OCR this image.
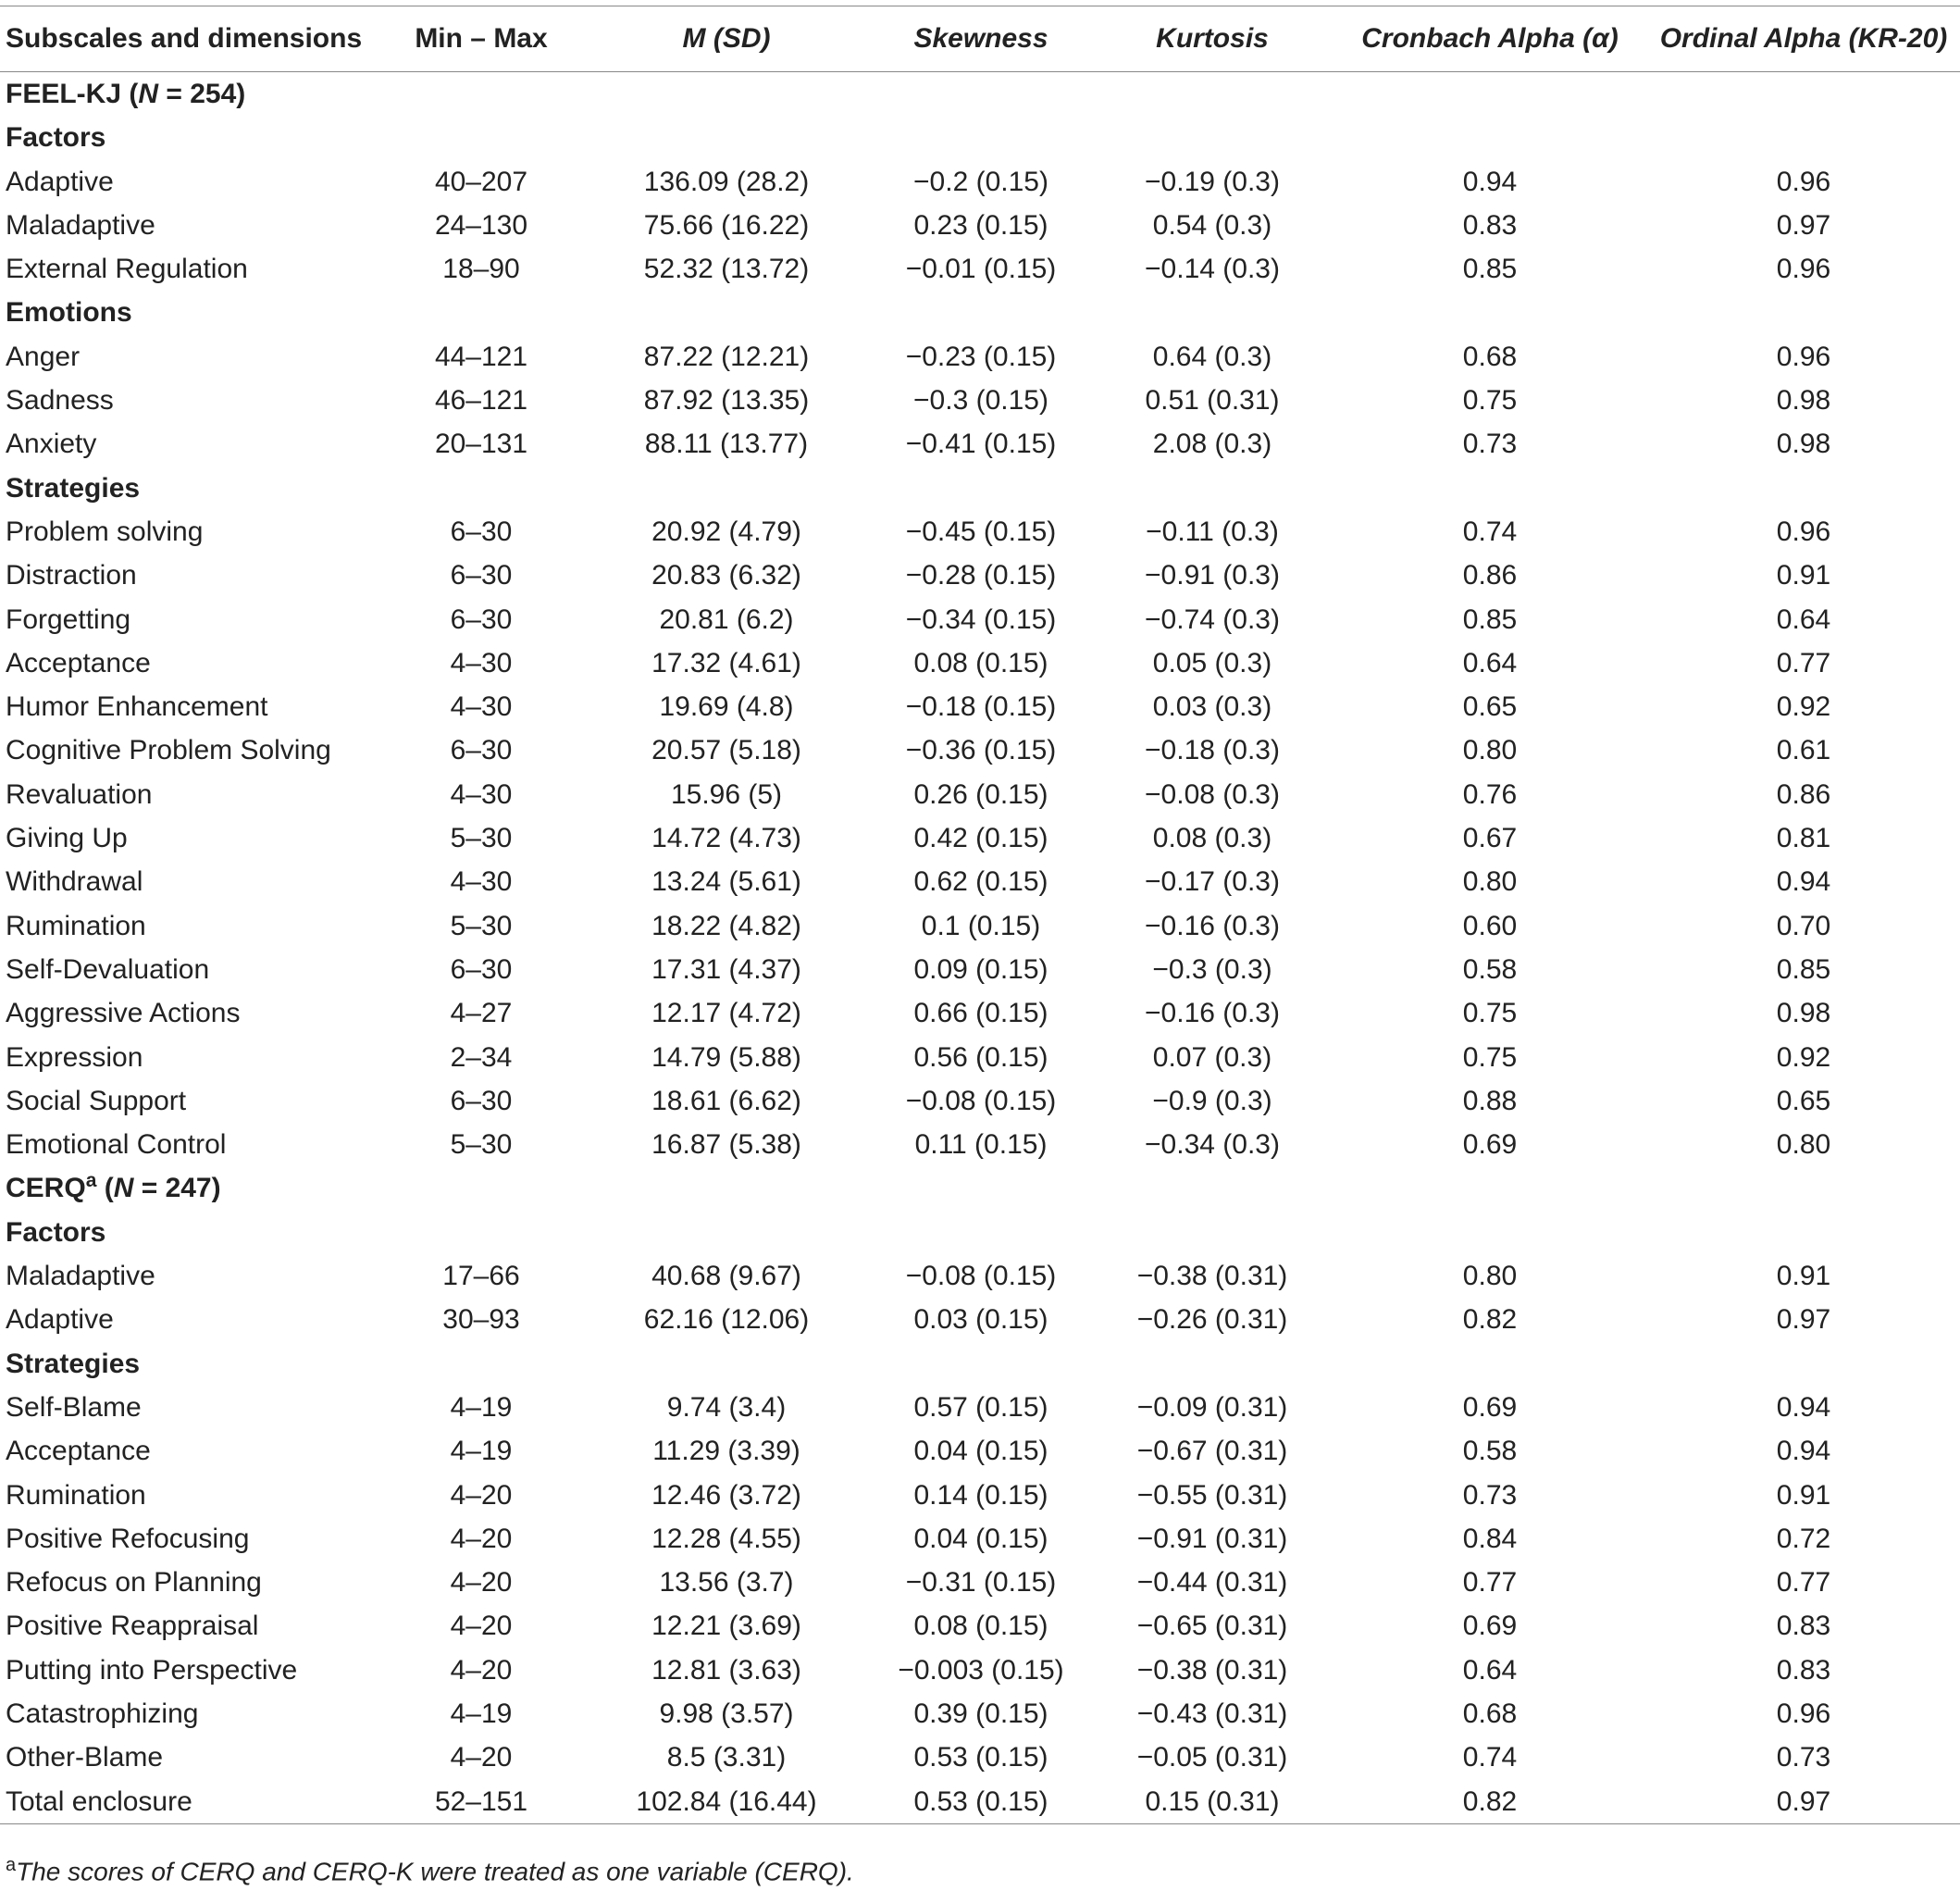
Subscales and dimensions	Min – Max	M (SD)	Skewness	Kurtosis	Cronbach Alpha (α)	Ordinal Alpha (KR-20)
FEEL-KJ (N = 254)						
Factors						
Adaptive	40–207	136.09 (28.2)	−0.2 (0.15)	−0.19 (0.3)	0.94	0.96
Maladaptive	24–130	75.66 (16.22)	0.23 (0.15)	0.54 (0.3)	0.83	0.97
External Regulation	18–90	52.32 (13.72)	−0.01 (0.15)	−0.14 (0.3)	0.85	0.96
Emotions						
Anger	44–121	87.22 (12.21)	−0.23 (0.15)	0.64 (0.3)	0.68	0.96
Sadness	46–121	87.92 (13.35)	−0.3 (0.15)	0.51 (0.31)	0.75	0.98
Anxiety	20–131	88.11 (13.77)	−0.41 (0.15)	2.08 (0.3)	0.73	0.98
Strategies						
Problem solving	6–30	20.92 (4.79)	−0.45 (0.15)	−0.11 (0.3)	0.74	0.96
Distraction	6–30	20.83 (6.32)	−0.28 (0.15)	−0.91 (0.3)	0.86	0.91
Forgetting	6–30	20.81 (6.2)	−0.34 (0.15)	−0.74 (0.3)	0.85	0.64
Acceptance	4–30	17.32 (4.61)	0.08 (0.15)	0.05 (0.3)	0.64	0.77
Humor Enhancement	4–30	19.69 (4.8)	−0.18 (0.15)	0.03 (0.3)	0.65	0.92
Cognitive Problem Solving	6–30	20.57 (5.18)	−0.36 (0.15)	−0.18 (0.3)	0.80	0.61
Revaluation	4–30	15.96 (5)	0.26 (0.15)	−0.08 (0.3)	0.76	0.86
Giving Up	5–30	14.72 (4.73)	0.42 (0.15)	0.08 (0.3)	0.67	0.81
Withdrawal	4–30	13.24 (5.61)	0.62 (0.15)	−0.17 (0.3)	0.80	0.94
Rumination	5–30	18.22 (4.82)	0.1 (0.15)	−0.16 (0.3)	0.60	0.70
Self-Devaluation	6–30	17.31 (4.37)	0.09 (0.15)	−0.3 (0.3)	0.58	0.85
Aggressive Actions	4–27	12.17 (4.72)	0.66 (0.15)	−0.16 (0.3)	0.75	0.98
Expression	2–34	14.79 (5.88)	0.56 (0.15)	0.07 (0.3)	0.75	0.92
Social Support	6–30	18.61 (6.62)	−0.08 (0.15)	−0.9 (0.3)	0.88	0.65
Emotional Control	5–30	16.87 (5.38)	0.11 (0.15)	−0.34 (0.3)	0.69	0.80
CERQ$^a$ (N = 247)						
Factors						
Maladaptive	17–66	40.68 (9.67)	−0.08 (0.15)	−0.38 (0.31)	0.80	0.91
Adaptive	30–93	62.16 (12.06)	0.03 (0.15)	−0.26 (0.31)	0.82	0.97
Strategies						
Self-Blame	4–19	9.74 (3.4)	0.57 (0.15)	−0.09 (0.31)	0.69	0.94
Acceptance	4–19	11.29 (3.39)	0.04 (0.15)	−0.67 (0.31)	0.58	0.94
Rumination	4–20	12.46 (3.72)	0.14 (0.15)	−0.55 (0.31)	0.73	0.91
Positive Refocusing	4–20	12.28 (4.55)	0.04 (0.15)	−0.91 (0.31)	0.84	0.72
Refocus on Planning	4–20	13.56 (3.7)	−0.31 (0.15)	−0.44 (0.31)	0.77	0.77
Positive Reappraisal	4–20	12.21 (3.69)	0.08 (0.15)	−0.65 (0.31)	0.69	0.83
Putting into Perspective	4–20	12.81 (3.63)	−0.003 (0.15)	−0.38 (0.31)	0.64	0.83
Catastrophizing	4–19	9.98 (3.57)	0.39 (0.15)	−0.43 (0.31)	0.68	0.96
Other-Blame	4–20	8.5 (3.31)	0.53 (0.15)	−0.05 (0.31)	0.74	0.73
Total enclosure	52–151	102.84 (16.44)	0.53 (0.15)	0.15 (0.31)	0.82	0.97
$^a$The scores of CERQ and CERQ-K were treated as one variable (CERQ).
